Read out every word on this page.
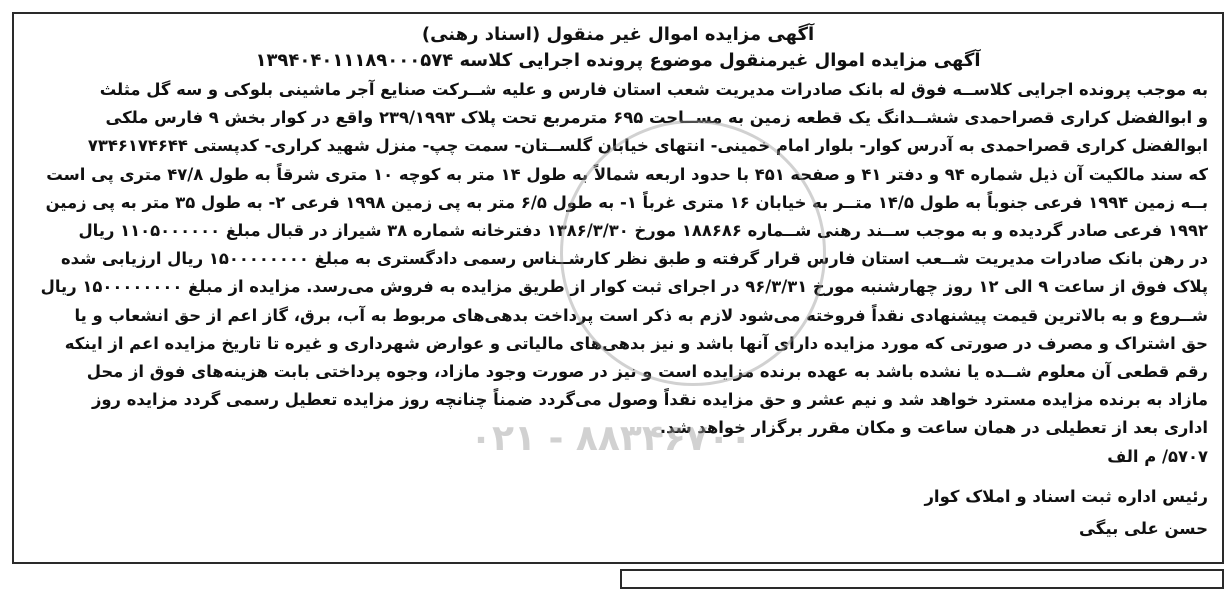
آگهی مزایده اموال غیر منقول (اسناد رهنی)
آگهی مزایده اموال غیرمنقول موضوع پرونده اجرایی کلاسه ۱۳۹۴۰۴۰۱۱۱۸۹۰۰۰۵۷۴
به موجب پرونده اجرایی کلاســه فوق له بانک صادرات مدیریت شعب استان فارس و علیه شــرکت صنایع آجر ماشینی بلوکی و سه گل مثلث
و ابوالفضل کراری قصراحمدی ششــدانگ یک قطعه زمین به مســاحت ۶۹۵ مترمربع تحت پلاک ۲۳۹/۱۹۹۳ واقع در کوار بخش ۹ فارس ملکی
ابوالفضل کراری قصراحمدی به آدرس کوار- بلوار امام خمینی- انتهای خیابان گلســتان- سمت چپ- منزل شهید کراری- کدپستی ۷۳۴۶۱۷۴۶۴۴
که سند مالکیت آن ذیل شماره ۹۴ و دفتر ۴۱ و صفحه ۴۵۱ با حدود اربعه شمالاً به طول ۱۴ متر به کوچه ۱۰ متری شرقاً به طول ۴۷/۸ متری پی است
بــه زمین ۱۹۹۴ فرعی جنوباً به طول ۱۴/۵ متــر به خیابان ۱۶ متری غرباً ۱- به طول ۶/۵ متر به پی زمین ۱۹۹۸ فرعی ۲- به طول ۳۵ متر به پی زمین
۱۹۹۲ فرعی صادر گردیده و به موجب ســند رهنی شــماره ۱۸۸۶۸۶ مورخ ۱۳۸۶/۳/۳۰ دفترخانه شماره ۳۸ شیراز در قبال مبلغ ۱۱۰۵۰۰۰۰۰۰ ریال
در رهن بانک صادرات مدیریت شــعب استان فارس قرار گرفته و طبق نظر کارشــناس رسمی دادگستری به مبلغ ۱۵۰۰۰۰۰۰۰۰ ریال ارزیابی شده
پلاک فوق از ساعت ۹ الی ۱۲ روز چهارشنبه مورخ ۹۶/۳/۳۱ در اجرای ثبت کوار از طریق مزایده به فروش می‌رسد. مزایده از مبلغ ۱۵۰۰۰۰۰۰۰۰ ریال
شــروع و به بالاترین قیمت پیشنهادی نقداً فروخته می‌شود لازم به ذکر است پرداخت بدهی‌های مربوط به آب، برق، گاز اعم از حق انشعاب و یا
حق اشتراک و مصرف در صورتی که مورد مزایده دارای آنها باشد و نیز بدهی‌های مالیاتی و عوارض شهرداری و غیره تا تاریخ مزایده اعم از اینکه
رقم قطعی آن معلوم شــده یا نشده باشد به عهده برنده مزایده است و نیز در صورت وجود مازاد، وجوه پرداختی بابت هزینه‌های فوق از محل
مازاد به برنده مزایده مسترد خواهد شد و نیم عشر و حق مزایده نقداً وصول می‌گردد ضمناً چنانچه روز مزایده تعطیل رسمی گردد مزایده روز
اداری بعد از تعطیلی در همان ساعت و مکان مقرر برگزار خواهد شد.
۵۷۰۷/ م الف
رئیس اداره ثبت اسناد و املاک کوار
حسن علی بیگی
۰۲۱ - ۸۸۳۴۶۷۰۰
